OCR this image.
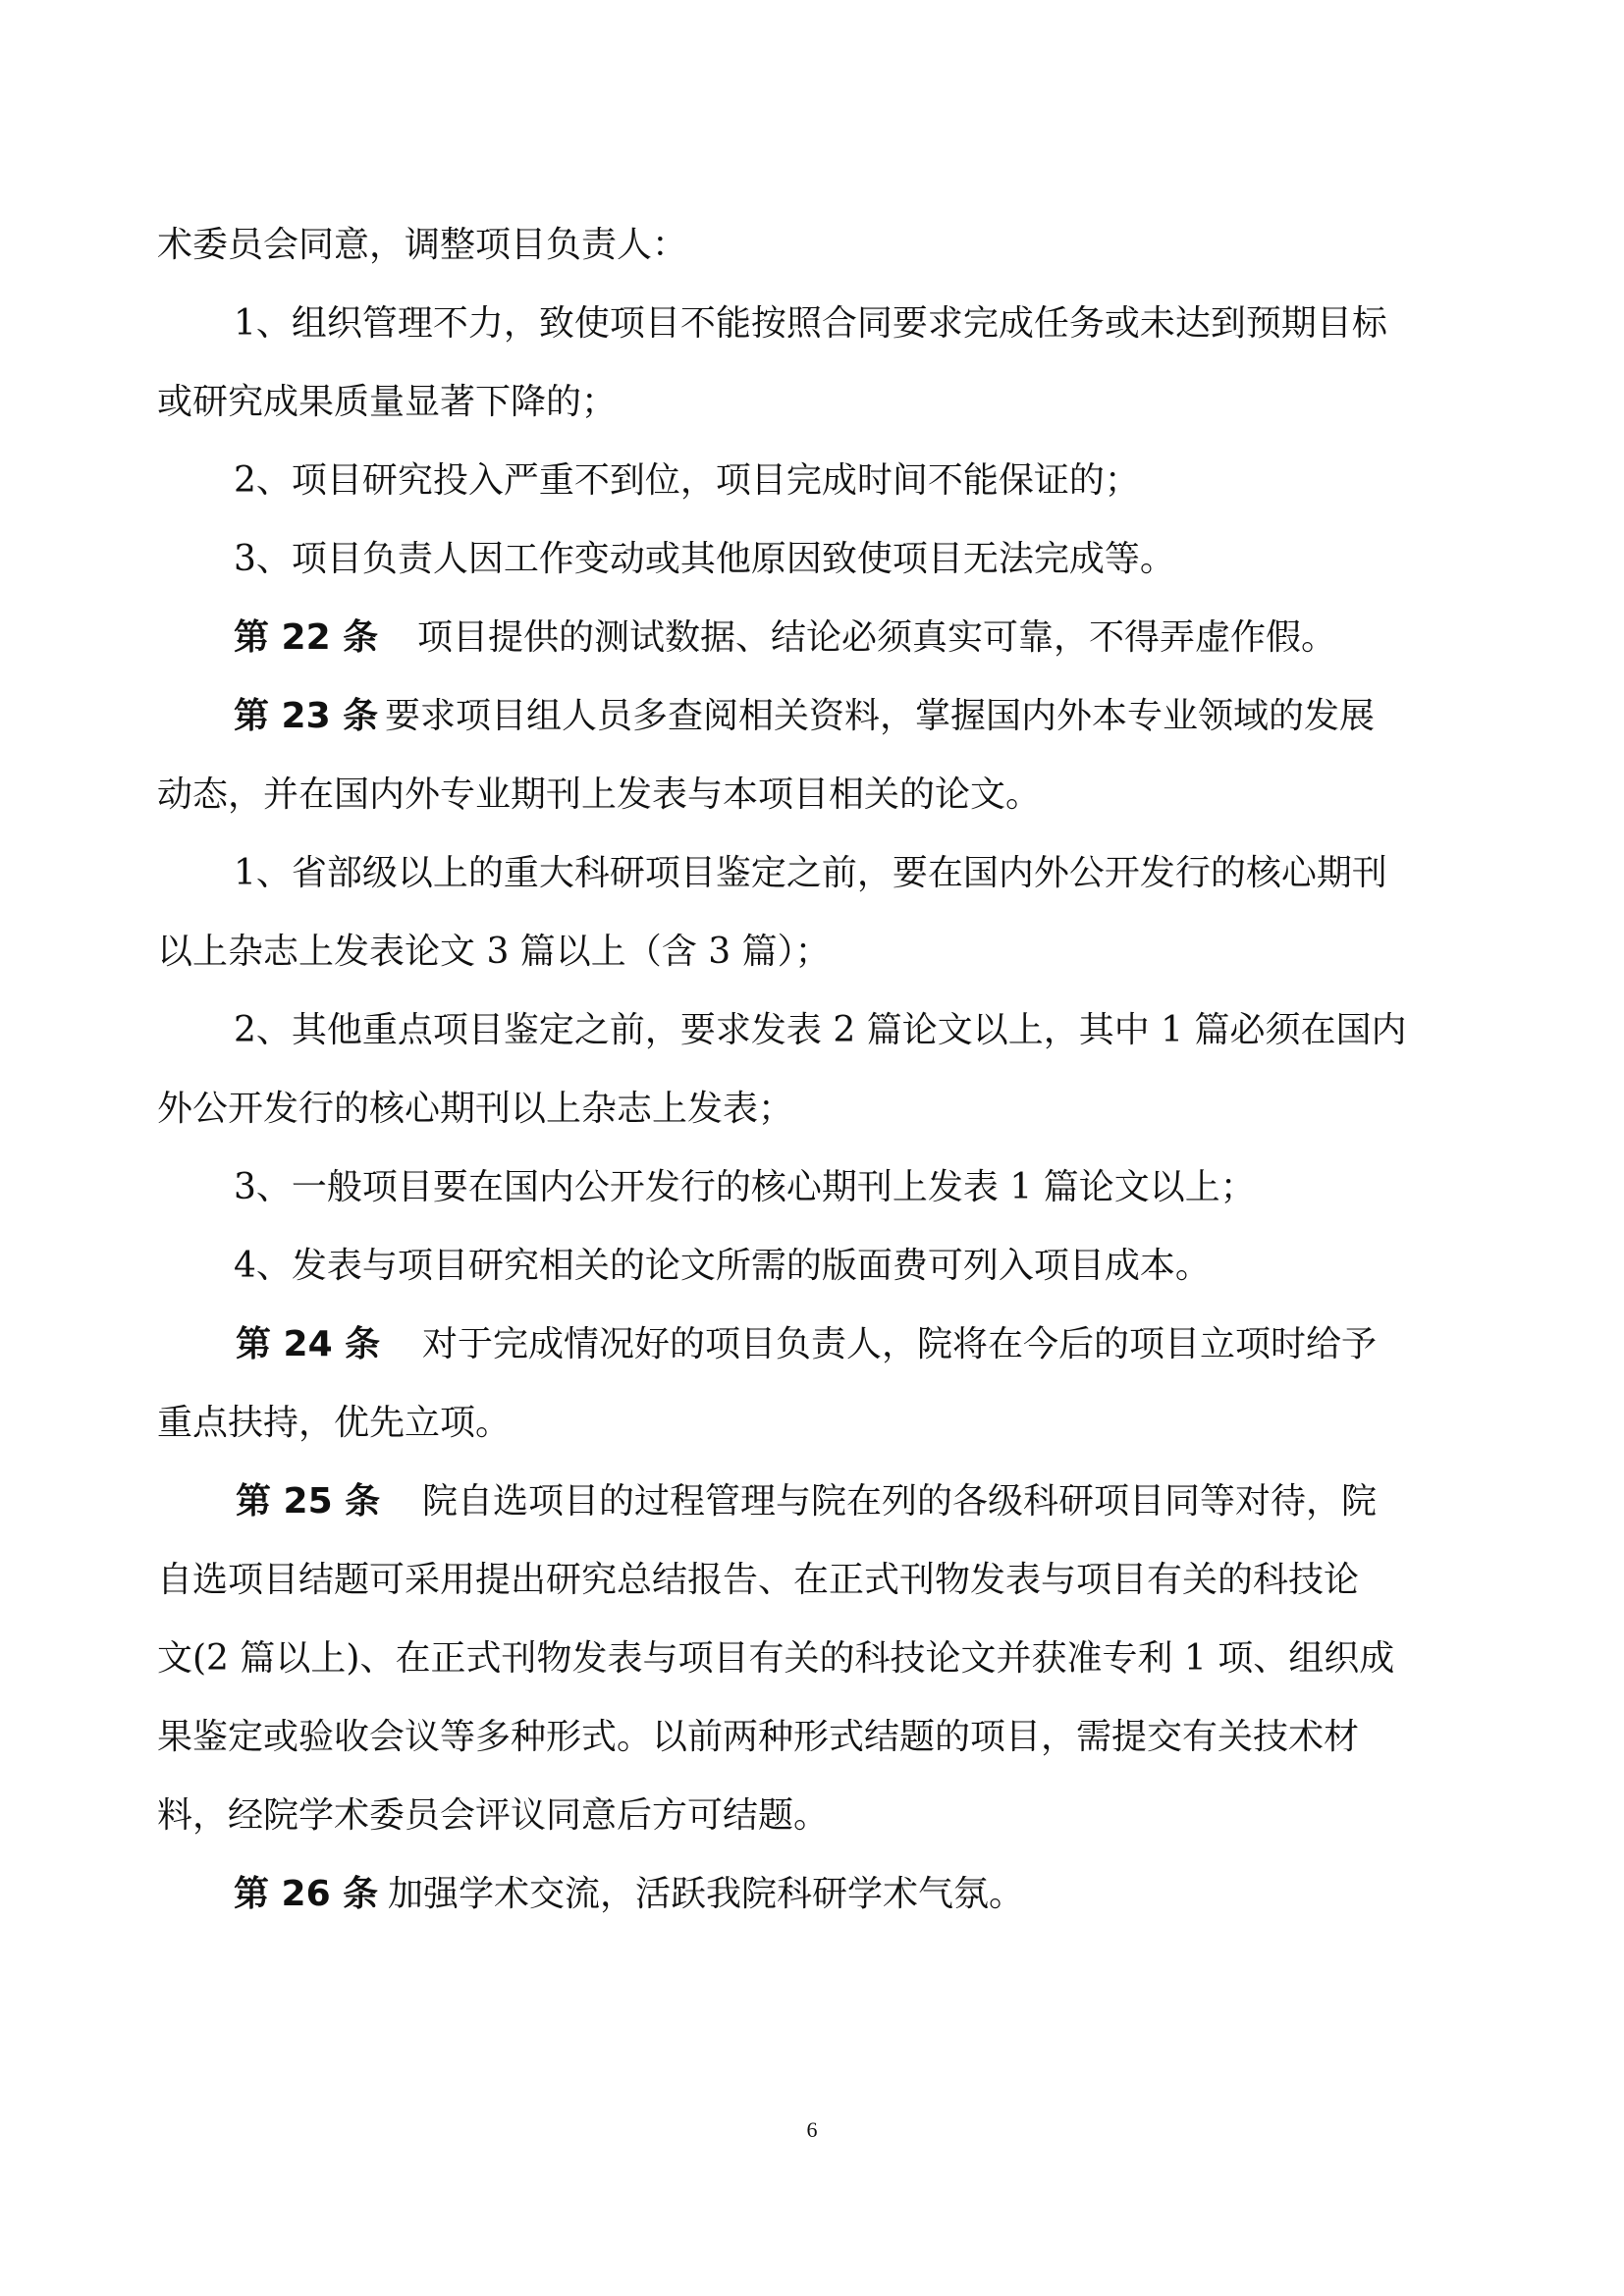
术委员会同意，调整项目负责人：
1、组织管理不力，致使项目不能按照合同要求完成任务或未达到预期目标
或研究成果质量显著下降的；
2、项目研究投入严重不到位，项目完成时间不能保证的；
3、项目负责人因工作变动或其他原因致使项目无法完成等。
第 22 条 项目提供的测试数据、结论必须真实可靠，不得弄虚作假。
第 23 条 要求项目组人员多查阅相关资料，掌握国内外本专业领域的发展
动态，并在国内外专业期刊上发表与本项目相关的论文。
1、省部级以上的重大科研项目鉴定之前，要在国内外公开发行的核心期刊
以上杂志上发表论文 3 篇以上（含 3 篇）；
2、其他重点项目鉴定之前，要求发表 2 篇论文以上，其中 1 篇必须在国内
外公开发行的核心期刊以上杂志上发表；
3、一般项目要在国内公开发行的核心期刊上发表 1 篇论文以上；
4、发表与项目研究相关的论文所需的版面费可列入项目成本。
第 24 条 对于完成情况好的项目负责人，院将在今后的项目立项时给予
重点扶持，优先立项。
第 25 条 院自选项目的过程管理与院在列的各级科研项目同等对待，院
自选项目结题可采用提出研究总结报告、在正式刊物发表与项目有关的科技论
文(2 篇以上)、在正式刊物发表与项目有关的科技论文并获准专利 1 项、组织成
果鉴定或验收会议等多种形式。以前两种形式结题的项目，需提交有关技术材
料，经院学术委员会评议同意后方可结题。
第 26 条 加强学术交流，活跃我院科研学术气氛。
6
